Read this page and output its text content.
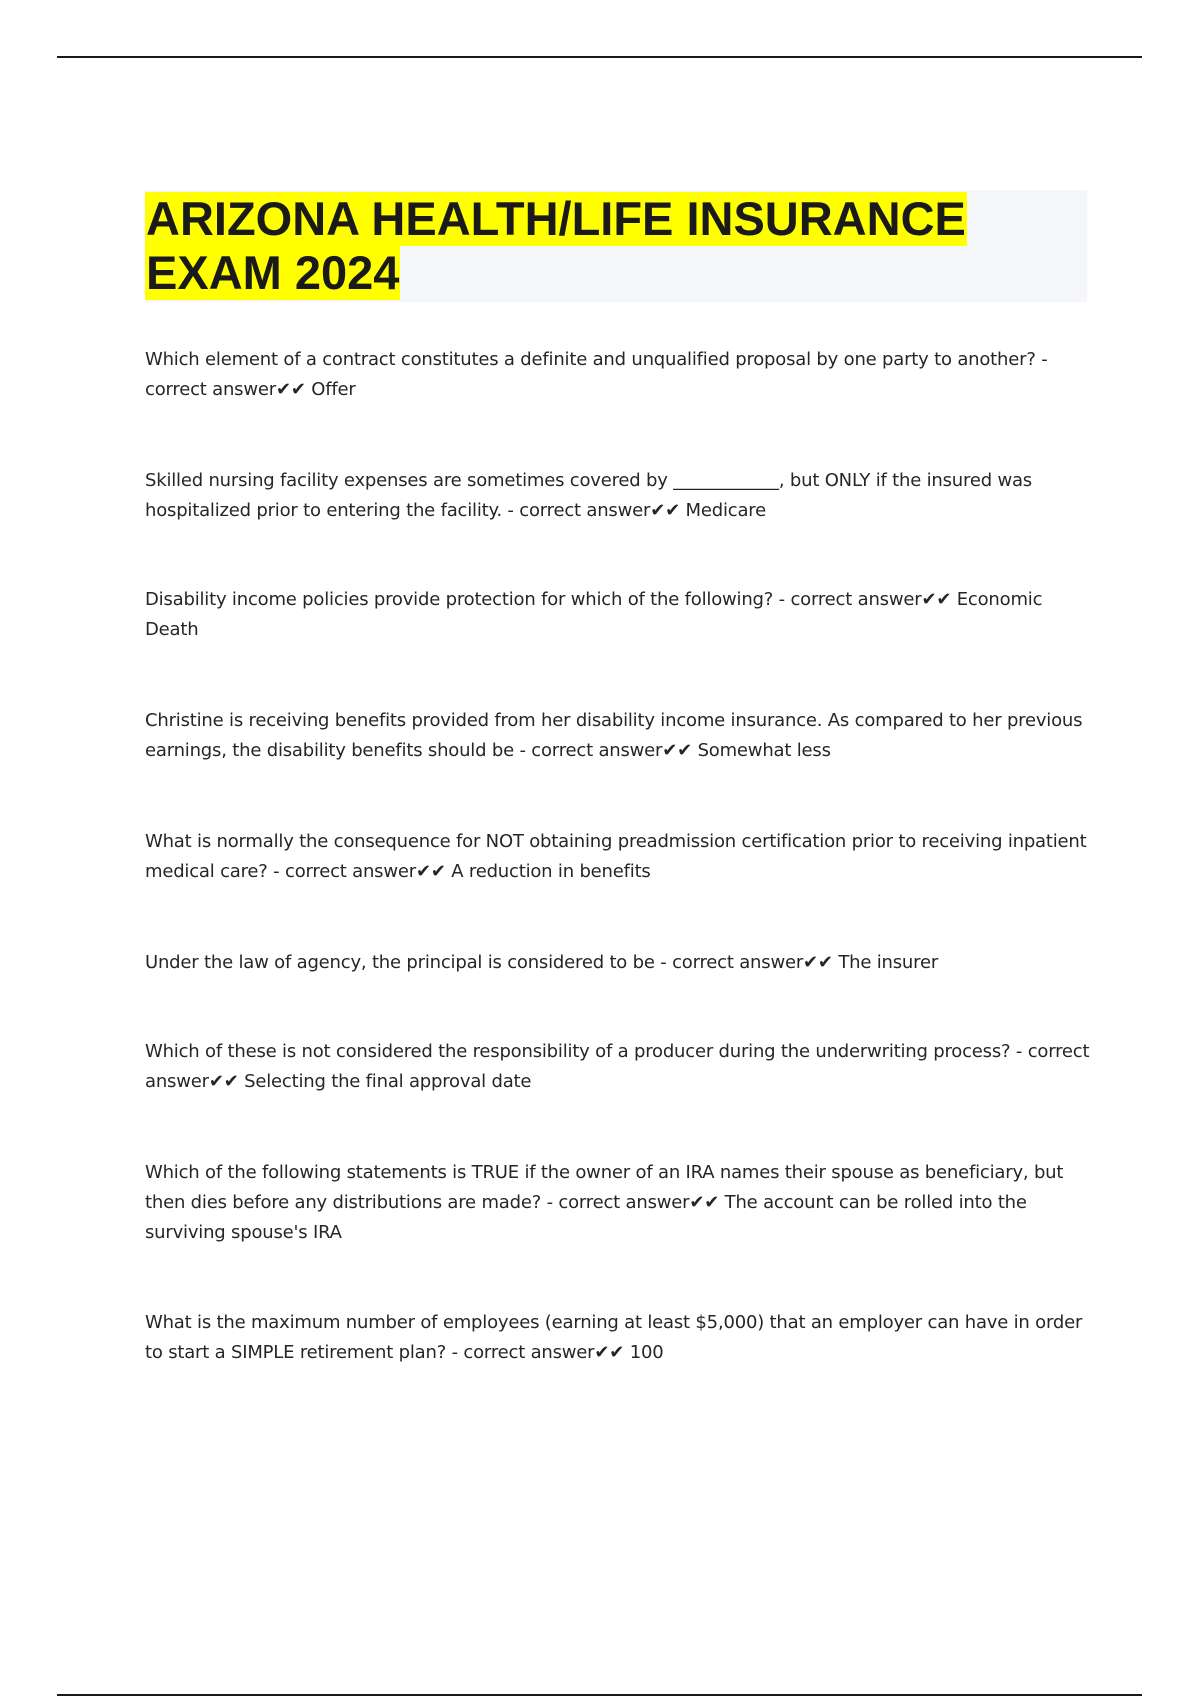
ARIZONA HEALTH/LIFE INSURANCE
EXAM 2024
Which element of a contract constitutes a definite and unqualified proposal by one party to another? - correct answer✔✔ Offer
Skilled nursing facility expenses are sometimes covered by ____________, but ONLY if the insured was hospitalized prior to entering the facility. - correct answer✔✔ Medicare
Disability income policies provide protection for which of the following? - correct answer✔✔ Economic Death
Christine is receiving benefits provided from her disability income insurance. As compared to her previous earnings, the disability benefits should be - correct answer✔✔ Somewhat less
What is normally the consequence for NOT obtaining preadmission certification prior to receiving inpatient medical care? - correct answer✔✔ A reduction in benefits
Under the law of agency, the principal is considered to be - correct answer✔✔ The insurer
Which of these is not considered the responsibility of a producer during the underwriting process? - correct answer✔✔ Selecting the final approval date
Which of the following statements is TRUE if the owner of an IRA names their spouse as beneficiary, but then dies before any distributions are made? - correct answer✔✔ The account can be rolled into the surviving spouse's IRA
What is the maximum number of employees (earning at least $5,000) that an employer can have in order to start a SIMPLE retirement plan? - correct answer✔✔ 100
